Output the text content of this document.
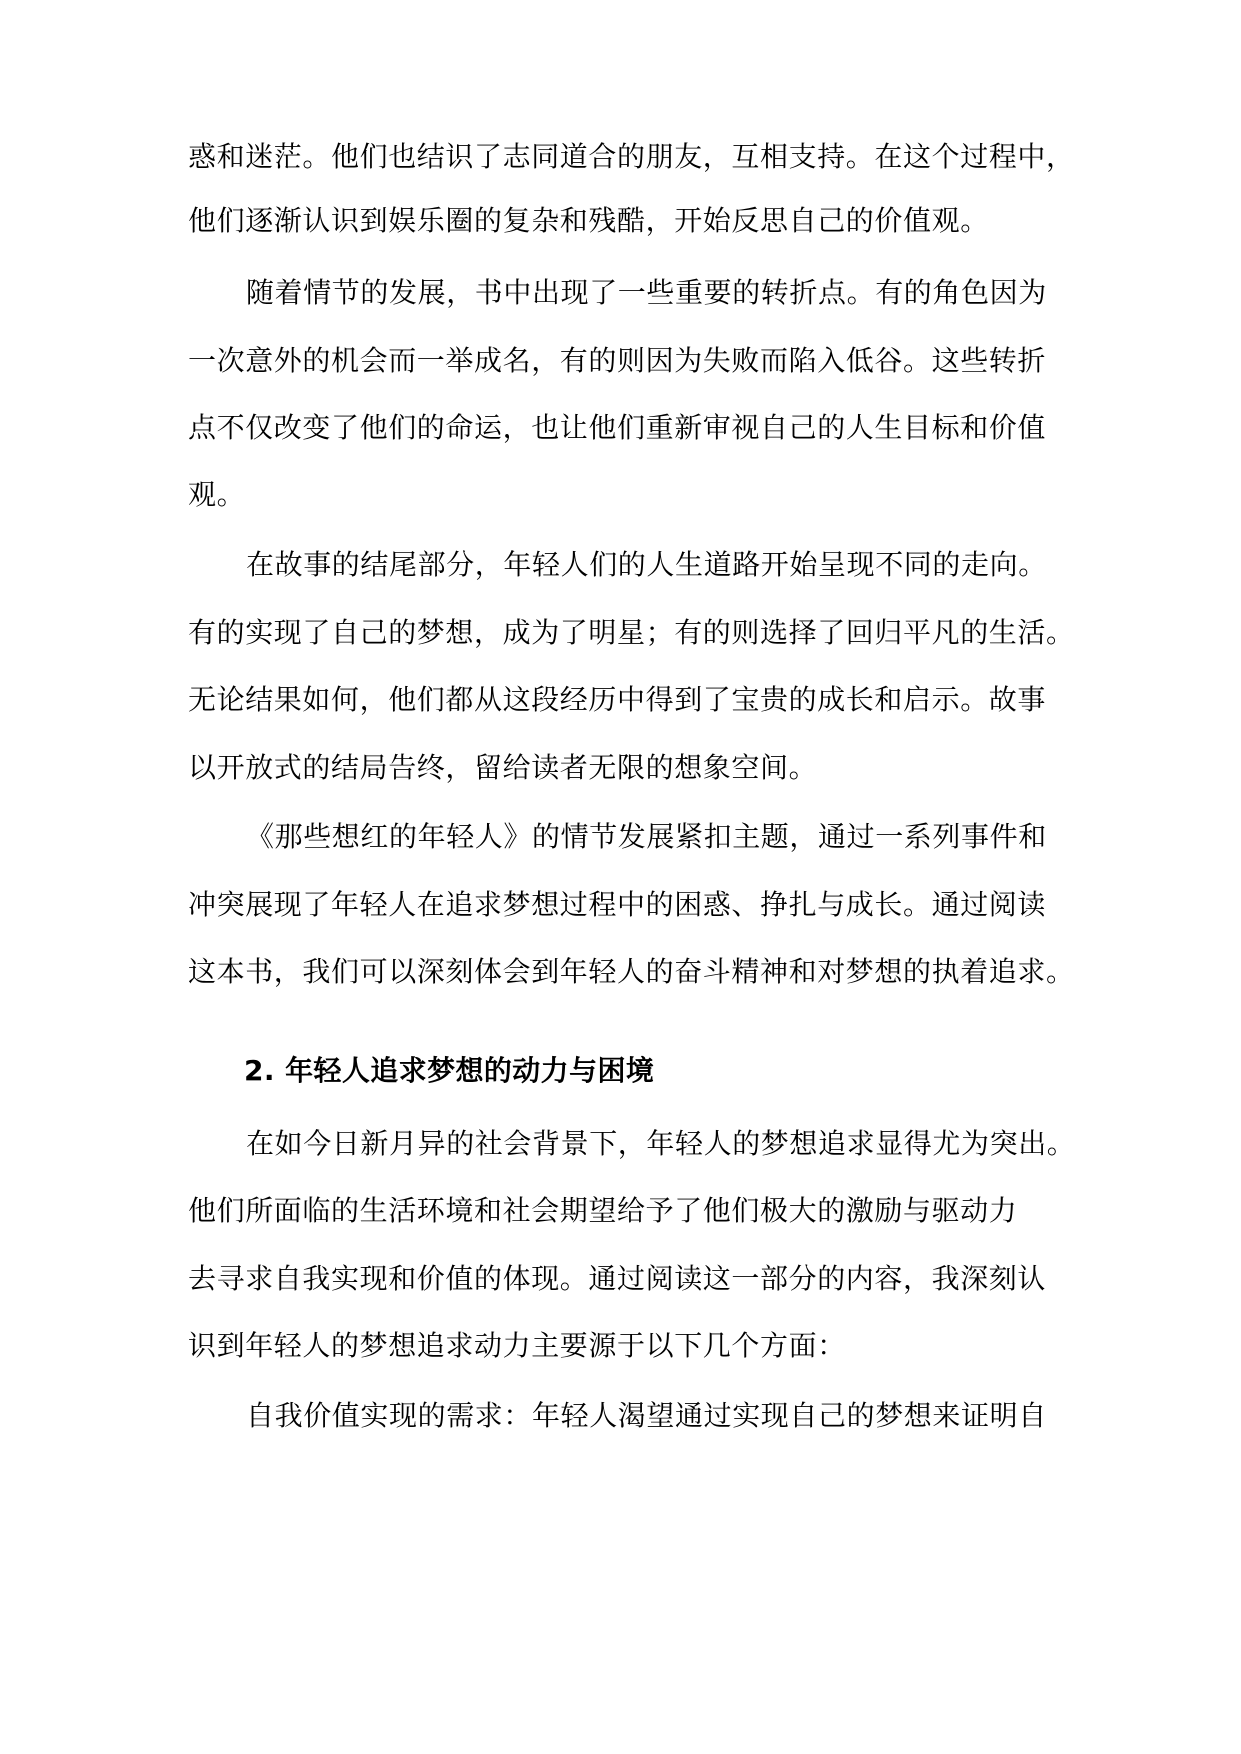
惑和迷茫。他们也结识了志同道合的朋友，互相支持。在这个过程中，
他们逐渐认识到娱乐圈的复杂和残酷，开始反思自己的价值观。
随着情节的发展，书中出现了一些重要的转折点。有的角色因为
一次意外的机会而一举成名，有的则因为失败而陷入低谷。这些转折
点不仅改变了他们的命运，也让他们重新审视自己的人生目标和价值
观。
在故事的结尾部分，年轻人们的人生道路开始呈现不同的走向。
有的实现了自己的梦想，成为了明星；有的则选择了回归平凡的生活。
无论结果如何，他们都从这段经历中得到了宝贵的成长和启示。故事
以开放式的结局告终，留给读者无限的想象空间。
《那些想红的年轻人》的情节发展紧扣主题，通过一系列事件和
冲突展现了年轻人在追求梦想过程中的困惑、挣扎与成长。通过阅读
这本书，我们可以深刻体会到年轻人的奋斗精神和对梦想的执着追求。
2. 年轻人追求梦想的动力与困境
在如今日新月异的社会背景下，年轻人的梦想追求显得尤为突出。
他们所面临的生活环境和社会期望给予了他们极大的激励与驱动力
去寻求自我实现和价值的体现。通过阅读这一部分的内容，我深刻认
识到年轻人的梦想追求动力主要源于以下几个方面：
自我价值实现的需求：年轻人渴望通过实现自己的梦想来证明自
